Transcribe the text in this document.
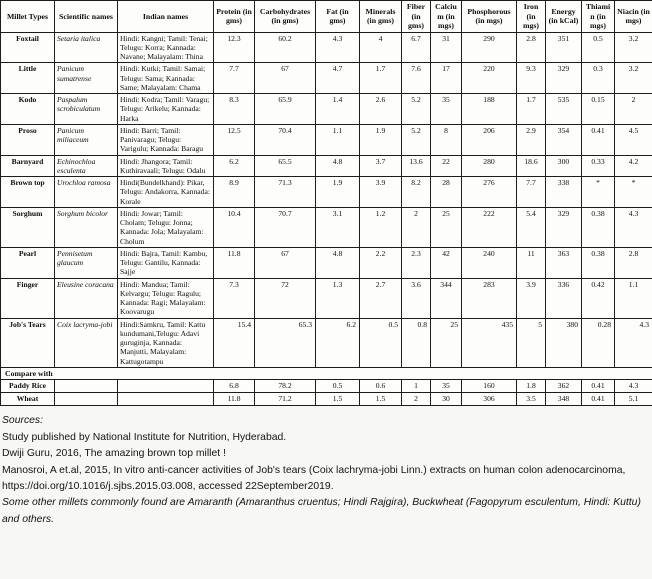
Millet Types	Scientific names	Indian names	Protein (in gms)	Carbohydrates (in gms)	Fat (in gms)	Minerals (in gms)	Fiber (in gms)	Calcium (in mgs)	Phosphorous (in mgs)	Iron (in mgs)	Energy (in kCal)	Thiamin (in mgs)	Niacin (in mgs)
Foxtail	Setaria italica	Hindi: Kangni; Tamil: Tenai; Telugu: Korra; Kannada: Navane; Malayalam: Thina	12.3	60.2	4.3	4	6.7	31	290	2.8	351	0.5	3.2
Little	Panicum sumatrense	Hindi: Kutki; Tamil: Samai; Telugu: Sama; Kannada: Same; Malayalam: Chama	7.7	67	4.7	1.7	7.6	17	220	9.3	329	0.3	3.2
Kodo	Paspalum scrobiculatum	Hindi: Kodra; Tamil: Varagu; Telugu: Arikelu; Kannada: Harka	8.3	65.9	1.4	2.6	5.2	35	188	1.7	535	0.15	2
Proso	Panicum miliaceum	Hindi: Barri; Tamil: Panivaragu; Telugu: Varigulu; Kannada: Baragu	12.5	70.4	1.1	1.9	5.2	8	206	2.9	354	0.41	4.5
Barnyard	Echinochloa esculenta	Hindi: Jhangora; Tamil: Kuthiravaali; Telugu: Odalu	6.2	65.5	4.8	3.7	13.6	22	280	18.6	300	0.33	4.2
Brown top	Urochloa ramosa	Hindi(Bundelkhand): Pikar, Telugu: Andakorra, Kannada: Korale	8.9	71.3	1.9	3.9	8.2	28	276	7.7	338	*	*
Sorghum	Sorghum bicolor	Hindi: Jowar; Tamil: Cholam; Telugu: Jonna; Kannada: Jola; Malayalam: Cholum	10.4	70.7	3.1	1.2	2	25	222	5.4	329	0.38	4.3
Pearl	Pennisetum glaucum	Hindi: Bajra, Tamil: Kambu, Telugu: Gantilu, Kannada: Sajje	11.8	67	4.8	2.2	2.3	42	240	11	363	0.38	2.8
Finger	Eleusine coracana	Hindi: Mandua; Tamil: Kelvargu; Telugu: Ragulu; Kannada: Ragi; Malayalam: Koovarugu	7.3	72	1.3	2.7	3.6	344	283	3.9	336	0.42	1.1
Job's Tears	Coix lacryma-jobi	Hindi:Samkru, Tamil: Kattu kundumani,Telugu: Adavi guruginja, Kannada: Manjutti, Malayalam: Kattugotampu	15.4	65.3	6.2	0.5	0.8	25	435	5	380	0.28	4.3
Compare with													
Paddy Rice			6.8	78.2	0.5	0.6	1	35	160	1.8	362	0.41	4.3
Wheat			11.8	71.2	1.5	1.5	2	30	306	3.5	348	0.41	5.1

Sources:

Study published by National Institute for Nutrition, Hyderabad.

Dwiji Guru, 2016, The amazing brown top millet !

Manosroi, A et.al, 2015, In vitro anti-cancer activities of Job's tears (Coix lachryma-jobi Linn.) extracts on human colon adenocarcinoma, https://doi.org/10.1016/j.sjbs.2015.03.008, accessed 22September2019.

Some other millets commonly found are Amaranth (Amaranthus cruentus; Hindi Rajgira), Buckwheat (Fagopyrum esculentum, Hindi: Kuttu) and others.
